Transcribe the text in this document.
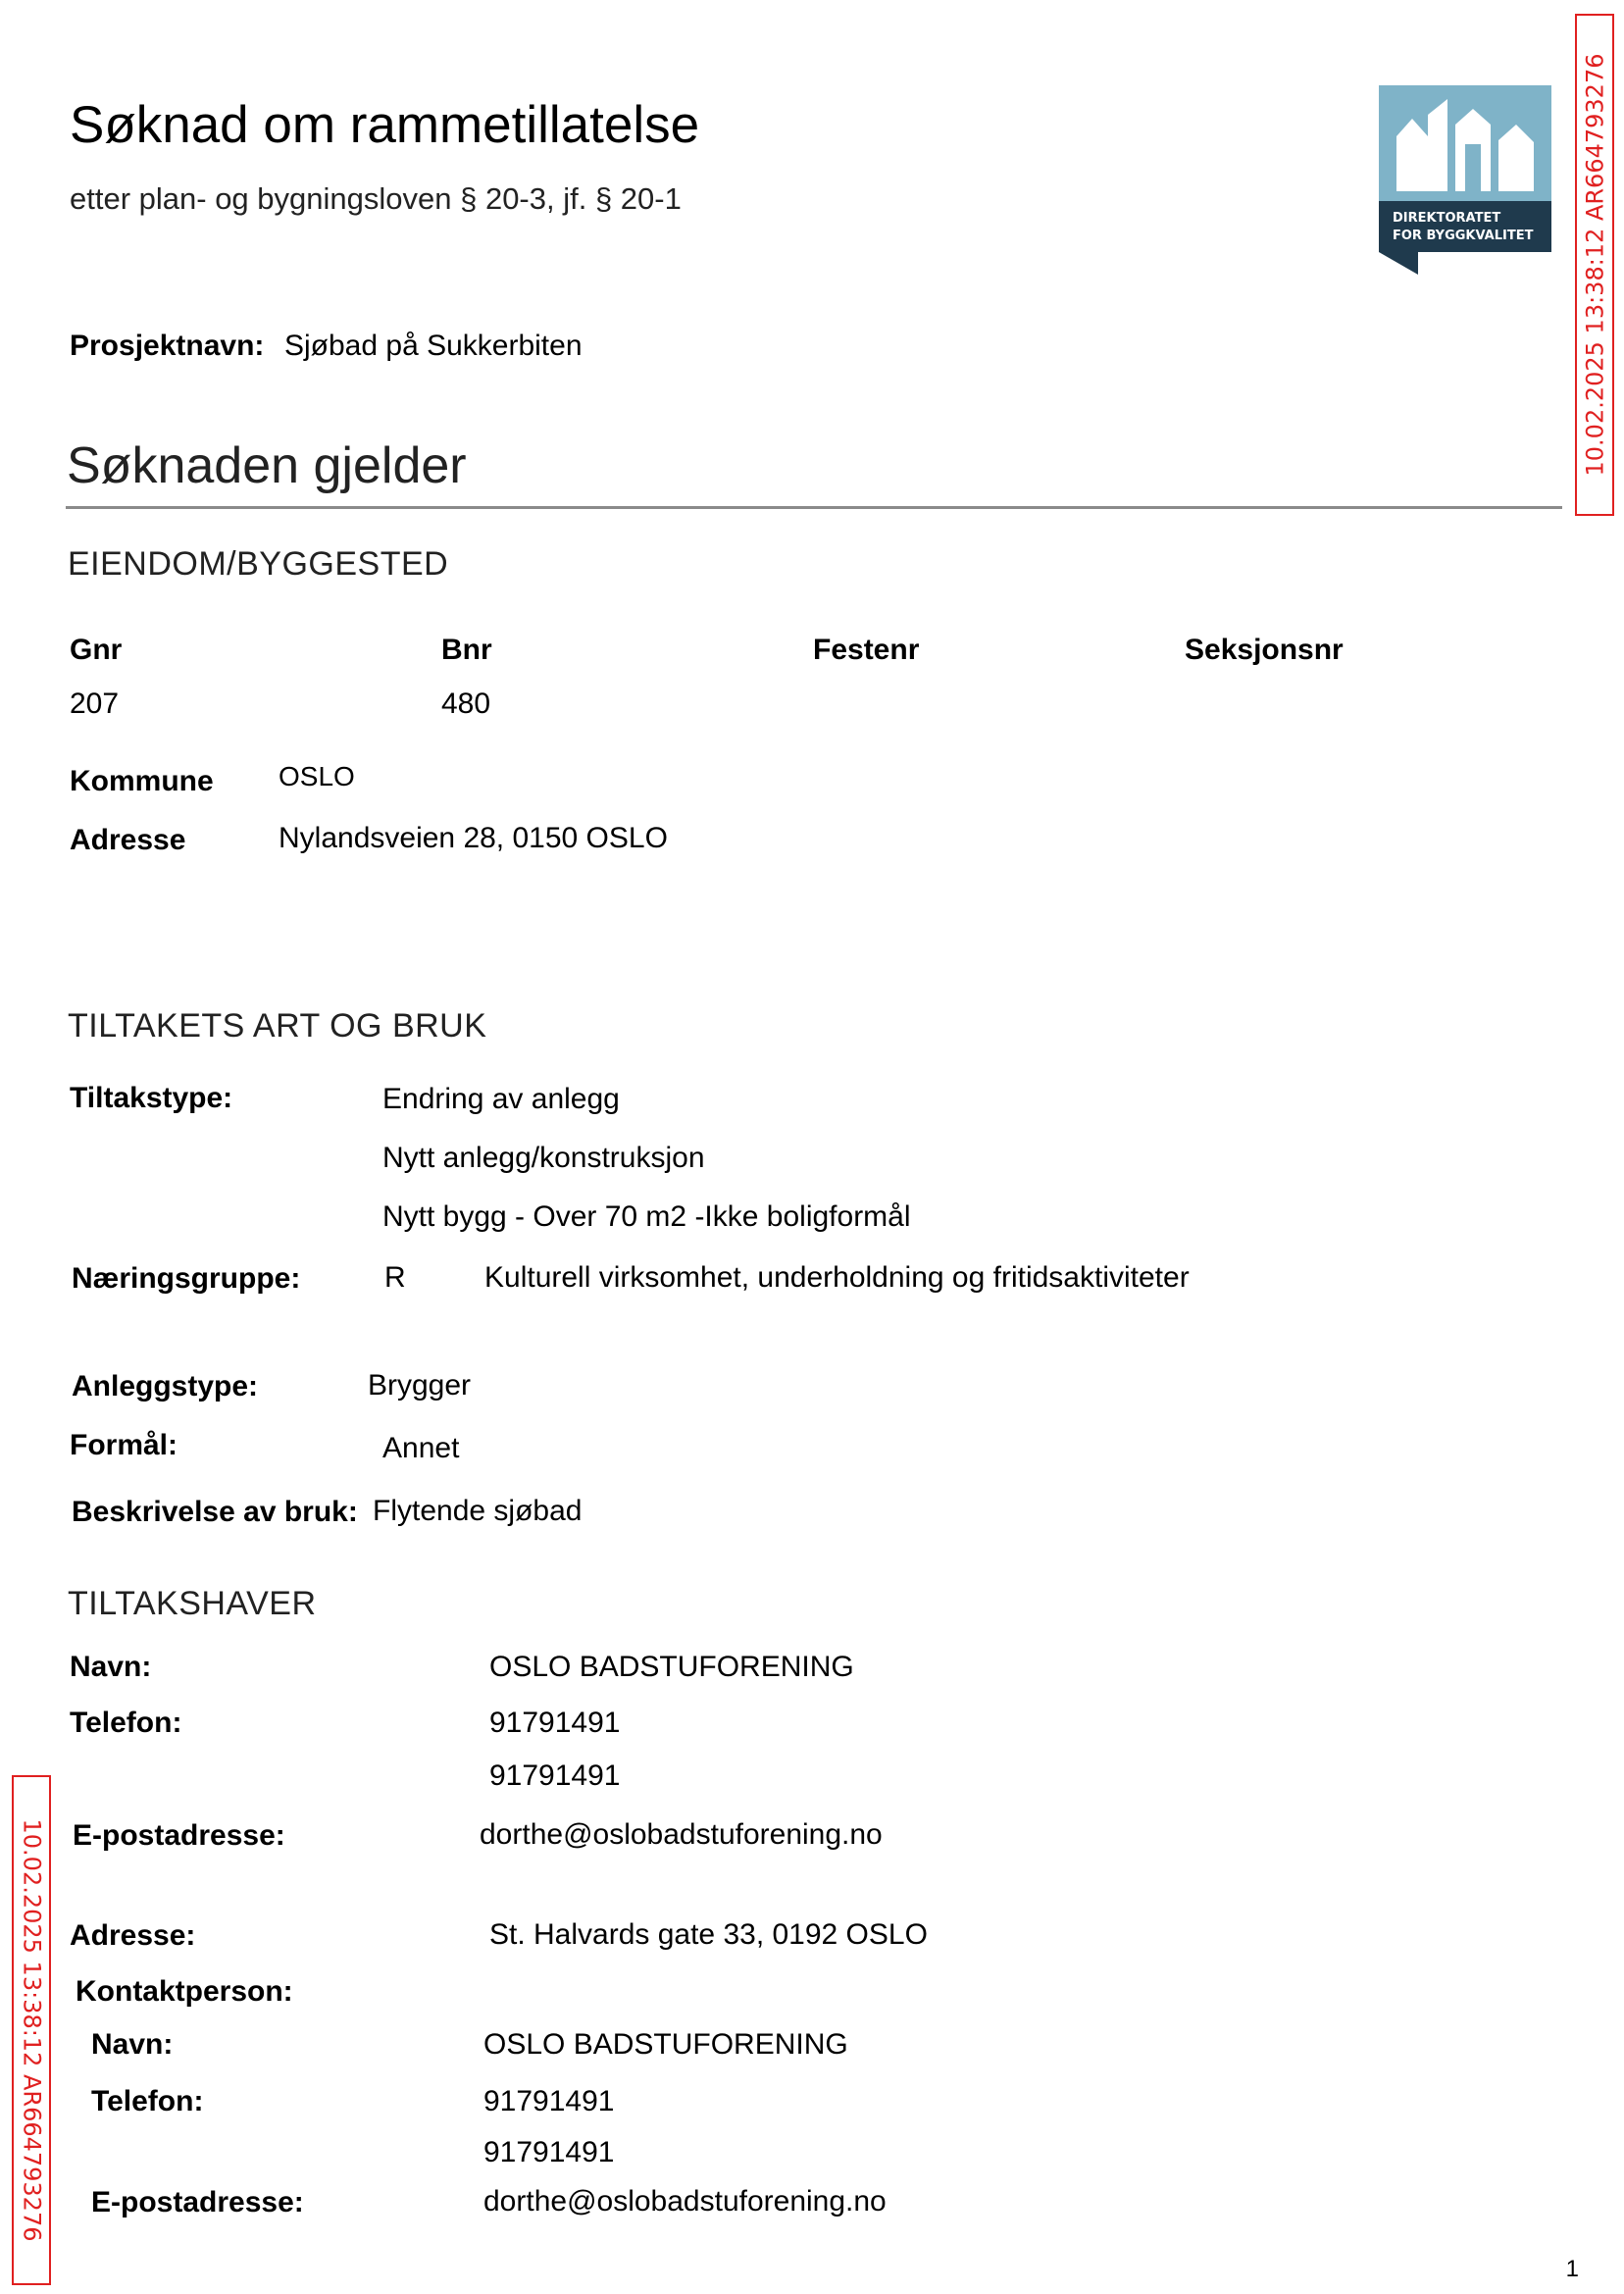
Søknad om rammetillatelse
etter plan- og bygningsloven § 20-3, jf. § 20-1
DIREKTORATET
FOR BYGGKVALITET 10.02.2025 13:38:12 AR664793276
Prosjektnavn: Sjøbad på Sukkerbiten
Søknaden gjelder
EIENDOM/BYGGESTED
Gnr	Bnr	Festenr	Seksjonsnr
207	480
Kommune OSLO
Adresse	Nylandsveien 28, 0150 OSLO
TILTAKETS ART OG BRUK
Tiltakstype:	Endring av anlegg
Nytt anlegg/konstruksjon
Nytt bygg - Over 70 m2 -Ikke boligformål
Næringsgruppe:	R	Kulturell virksomhet, underholdning og fritidsaktiviteter
Anleggstype:	Brygger
Formål:	Annet
Beskrivelse av bruk: Flytende sjøbad
TILTAKSHAVER
Navn:	OSLO BADSTUFORENING
Telefon:	91791491
91791491
E-postadresse:	dorthe@oslobadstuforening.no
Adresse:	St. Halvards gate 33, 0192 OSLO
Kontaktperson:
Navn:	OSLO BADSTUFORENING
Telefon:	91791491
91791491
E-postadresse:	dorthe@oslobadstuforening.no
10.02.2025 13:38:12 AR664793276
1
